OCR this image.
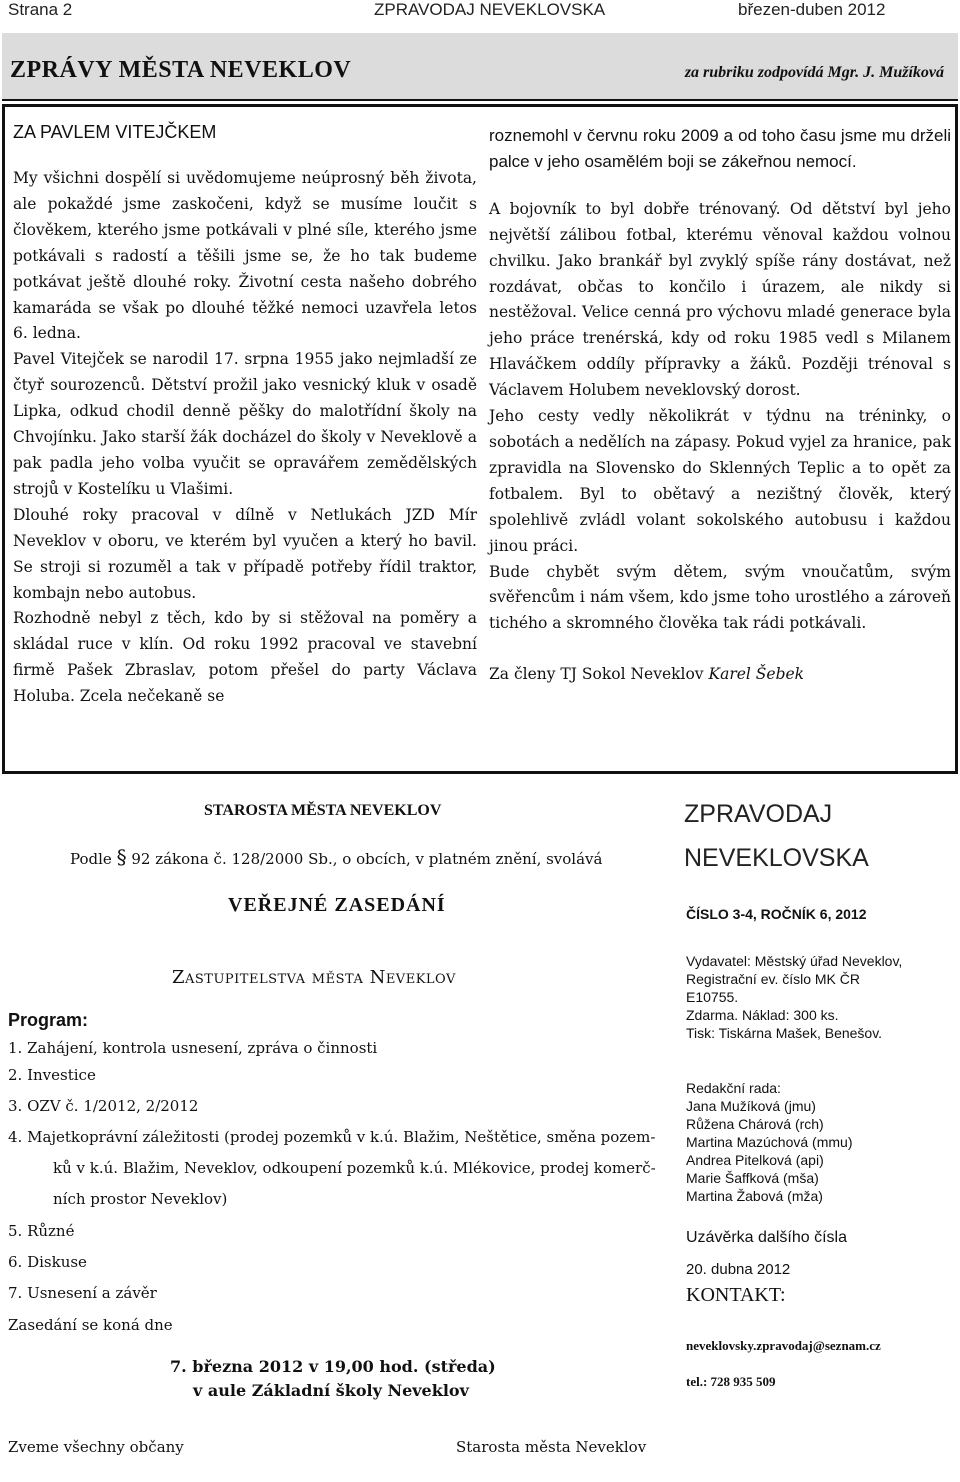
Strana 2	ZPRAVODAJ NEVEKLOVSKA	březen-duben 2012
ZPRÁVY MĚSTA NEVEKLOV	za rubriku zodpovídá Mgr. J. Mužíková
ZA PAVLEM VITEJČKEM

My všichni dospělí si uvědomujeme neúprosný běh života, ale pokaždé jsme zaskočeni, když se musíme loučit s člověkem, kterého jsme potkávali v plné síle, kterého jsme potkávali s radostí a těšili jsme se, že ho tak budeme potkávat ještě dlouhé roky. Životní cesta našeho dobrého kamaráda se však po dlouhé těžké nemoci uzavřela letos 6. ledna.

Pavel Vitejček se narodil 17. srpna 1955 jako nejmladší ze čtyř sourozenců. Dětství prožil jako vesnický kluk v osadě Lipka, odkud chodil denně pěšky do malotřídní školy na Chvojínku. Jako starší žák docházel do školy v Neveklově a pak padla jeho volba vyučit se opravářem zemědělských strojů v Kostelíku u Vlašimi.

Dlouhé roky pracoval v dílně v Netlukách JZD Mír Neveklov v oboru, ve kterém byl vyučen a který ho bavil. Se stroji si rozuměl a tak v případě potřeby řídil traktor, kombajn nebo autobus.

Rozhodně nebyl z těch, kdo by si stěžoval na poměry a skládal ruce v klín. Od roku 1992 pracoval ve stavební firmě Pašek Zbraslav, potom přešel do party Václava Holuba. Zcela nečekaně se

roznemohl v červnu roku 2009 a od toho času jsme mu drželi palce v jeho osamělém boji se zákeřnou nemocí.

A bojovník to byl dobře trénovaný. Od dětství byl jeho největší zálibou fotbal, kterému věnoval každou volnou chvilku. Jako brankář byl zvyklý spíše rány dostávat, než rozdávat, občas to končilo i úrazem, ale nikdy si nestěžoval. Velice cenná pro výchovu mladé generace byla jeho práce trenérská, kdy od roku 1985 vedl s Milanem Hlaváčkem oddíly přípravky a žáků. Později trénoval s Václavem Holubem neveklovský dorost.

Jeho cesty vedly několikrát v týdnu na tréninky, o sobotách a nedělích na zápasy. Pokud vyjel za hranice, pak zpravidla na Slovensko do Sklenných Teplic a to opět za fotbalem. Byl to obětavý a nezištný člověk, který spolehlivě zvládl volant sokolského autobusu i každou jinou práci.

Bude chybět svým dětem, svým vnoučatům, svým svěřencům i nám všem, kdo jsme toho urostlého a zároveň tichého a skromného člověka tak rádi potkávali.

Za členy TJ Sokol Neveklov Karel Šebek

STAROSTA MĚSTA NEVEKLOV
Podle § 92 zákona č. 128/2000 Sb., o obcích, v platném znění, svolává
VEŘEJNÉ ZASEDÁNÍ
Zastupitelstva města Neveklov
Program:
1. Zahájení, kontrola usnesení, zpráva o činnosti
2. Investice
3. OZV č. 1/2012, 2/2012
4. Majetkoprávní záležitosti (prodej pozemků v k.ú. Blažim, Neštětice, směna pozem-
ků v k.ú. Blažim, Neveklov, odkoupení pozemků k.ú. Mlékovice, prodej komerč-
ních prostor Neveklov)
5. Různé
6. Diskuse
7. Usnesení a závěr
Zasedání se koná dne
7. března 2012 v 19,00 hod. (středa)
v aule Základní školy Neveklov
Zveme všechny občany	Starosta města Neveklov
ZPRAVODAJ
NEVEKLOVSKA
ČÍSLO 3-4, ROČNÍK 6, 2012
Vydavatel: Městský úřad Neveklov,
Registrační ev. číslo MK ČR
E10755.
Zdarma. Náklad: 300 ks.
Tisk: Tiskárna Mašek, Benešov.
Redakční rada:
Jana Mužíková (jmu)
Růžena Chárová (rch)
Martina Mazúchová (mmu)
Andrea Pitelková (api)
Marie Šaffková (mša)
Martina Žabová (mža)
Uzávěrka dalšího čísla
20. dubna 2012
KONTAKT:
neveklovsky.zpravodaj@seznam.cz
tel.: 728 935 509
